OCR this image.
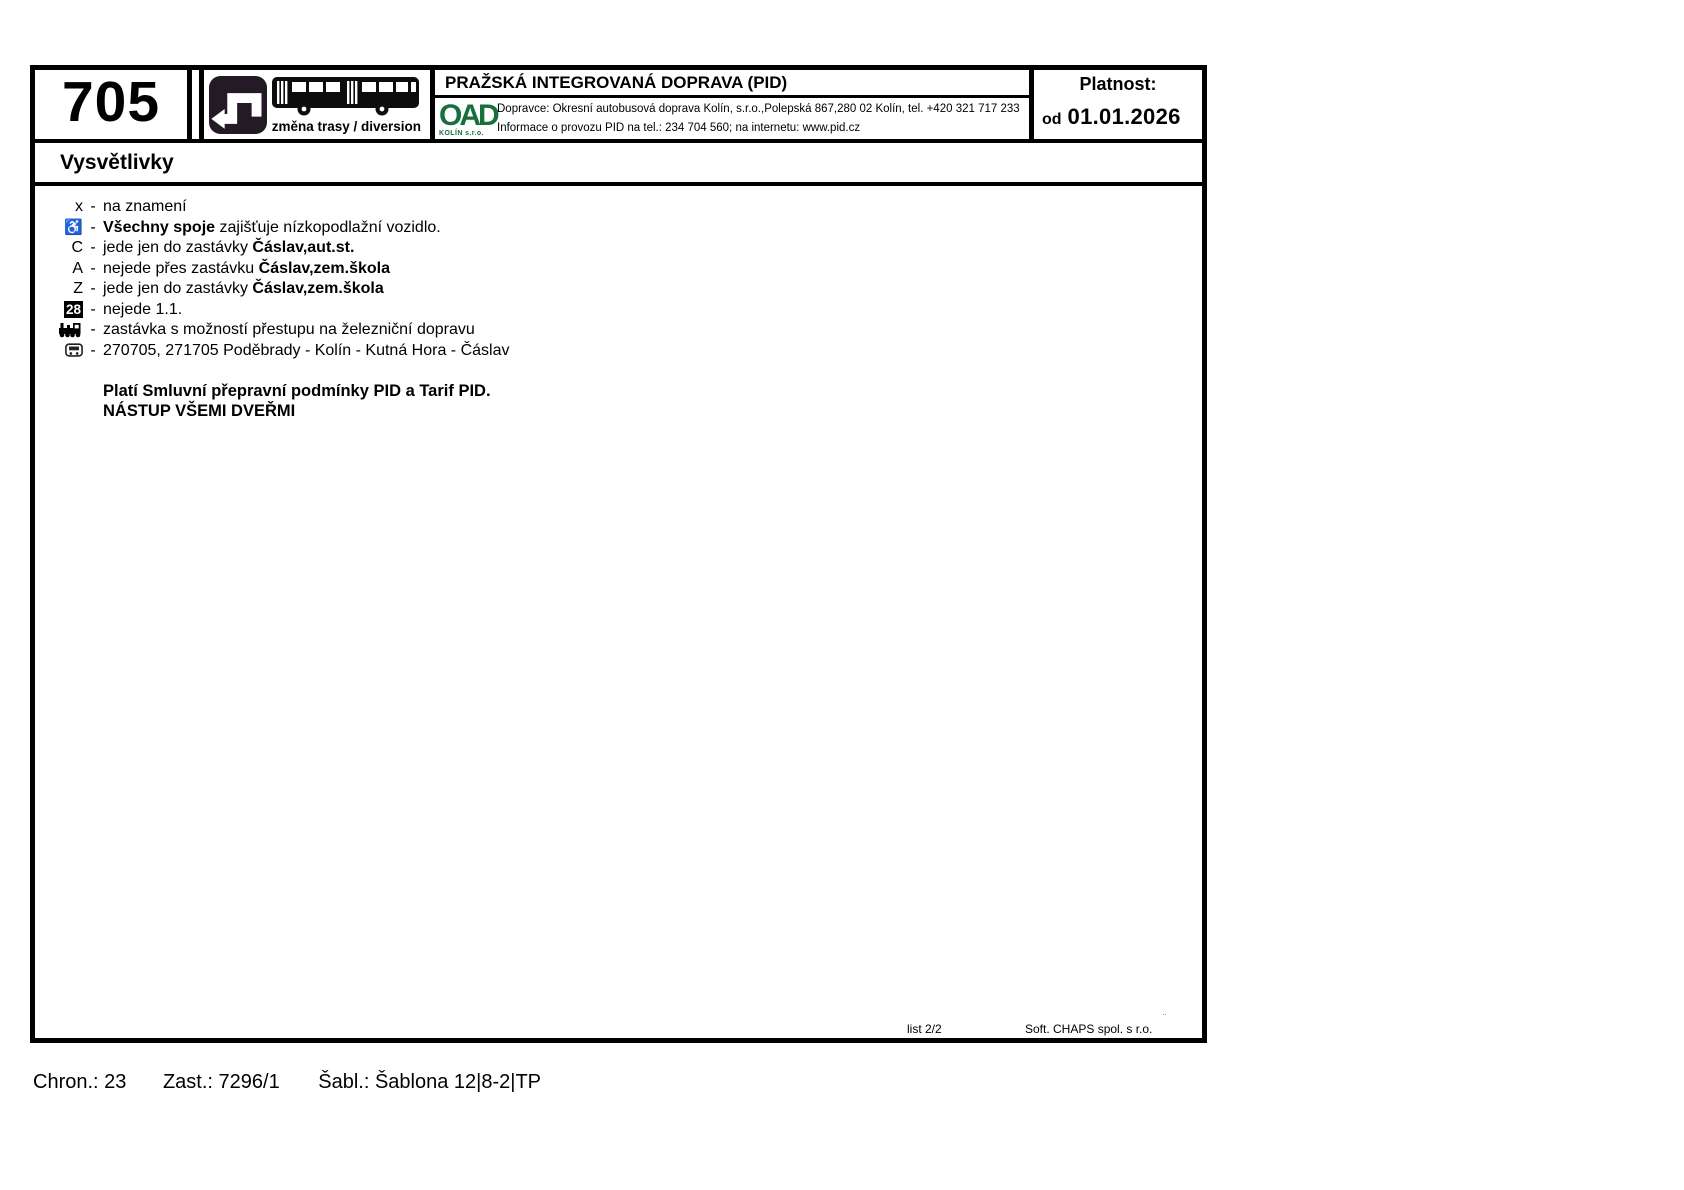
705	změna trasy / diversion
PRAŽSKÁ INTEGROVANÁ DOPRAVA (PID)
OAD
KOLÍN s.r.o.
Dopravce: Okresní autobusová doprava Kolín, s.r.o.,Polepská 867,280 02 Kolín, tel. +420 321 717 233
Informace o provozu PID na tel.: 234 704 560; na internetu: www.pid.cz
Platnost:
od 01.01.2026
Vysvětlivky
x - na znamení
♿ - Všechny spoje zajišťuje nízkopodlažní vozidlo.
C - jede jen do zastávky Čáslav,aut.st.
A - nejede přes zastávku Čáslav,zem.škola
Z - jede jen do zastávky Čáslav,zem.škola
28 - nejede 1.1.
- zastávka s možností přestupu na železniční dopravu
- 270705, 271705 Poděbrady - Kolín - Kutná Hora - Čáslav
Platí Smluvní přepravní podmínky PID a Tarif PID.
NÁSTUP VŠEMI DVEŘMI
list 2/2	Soft. CHAPS spol. s r.o.
¨
Chron.: 23 Zast.: 7296/1 Šabl.: Šablona 12|8-2|TP
